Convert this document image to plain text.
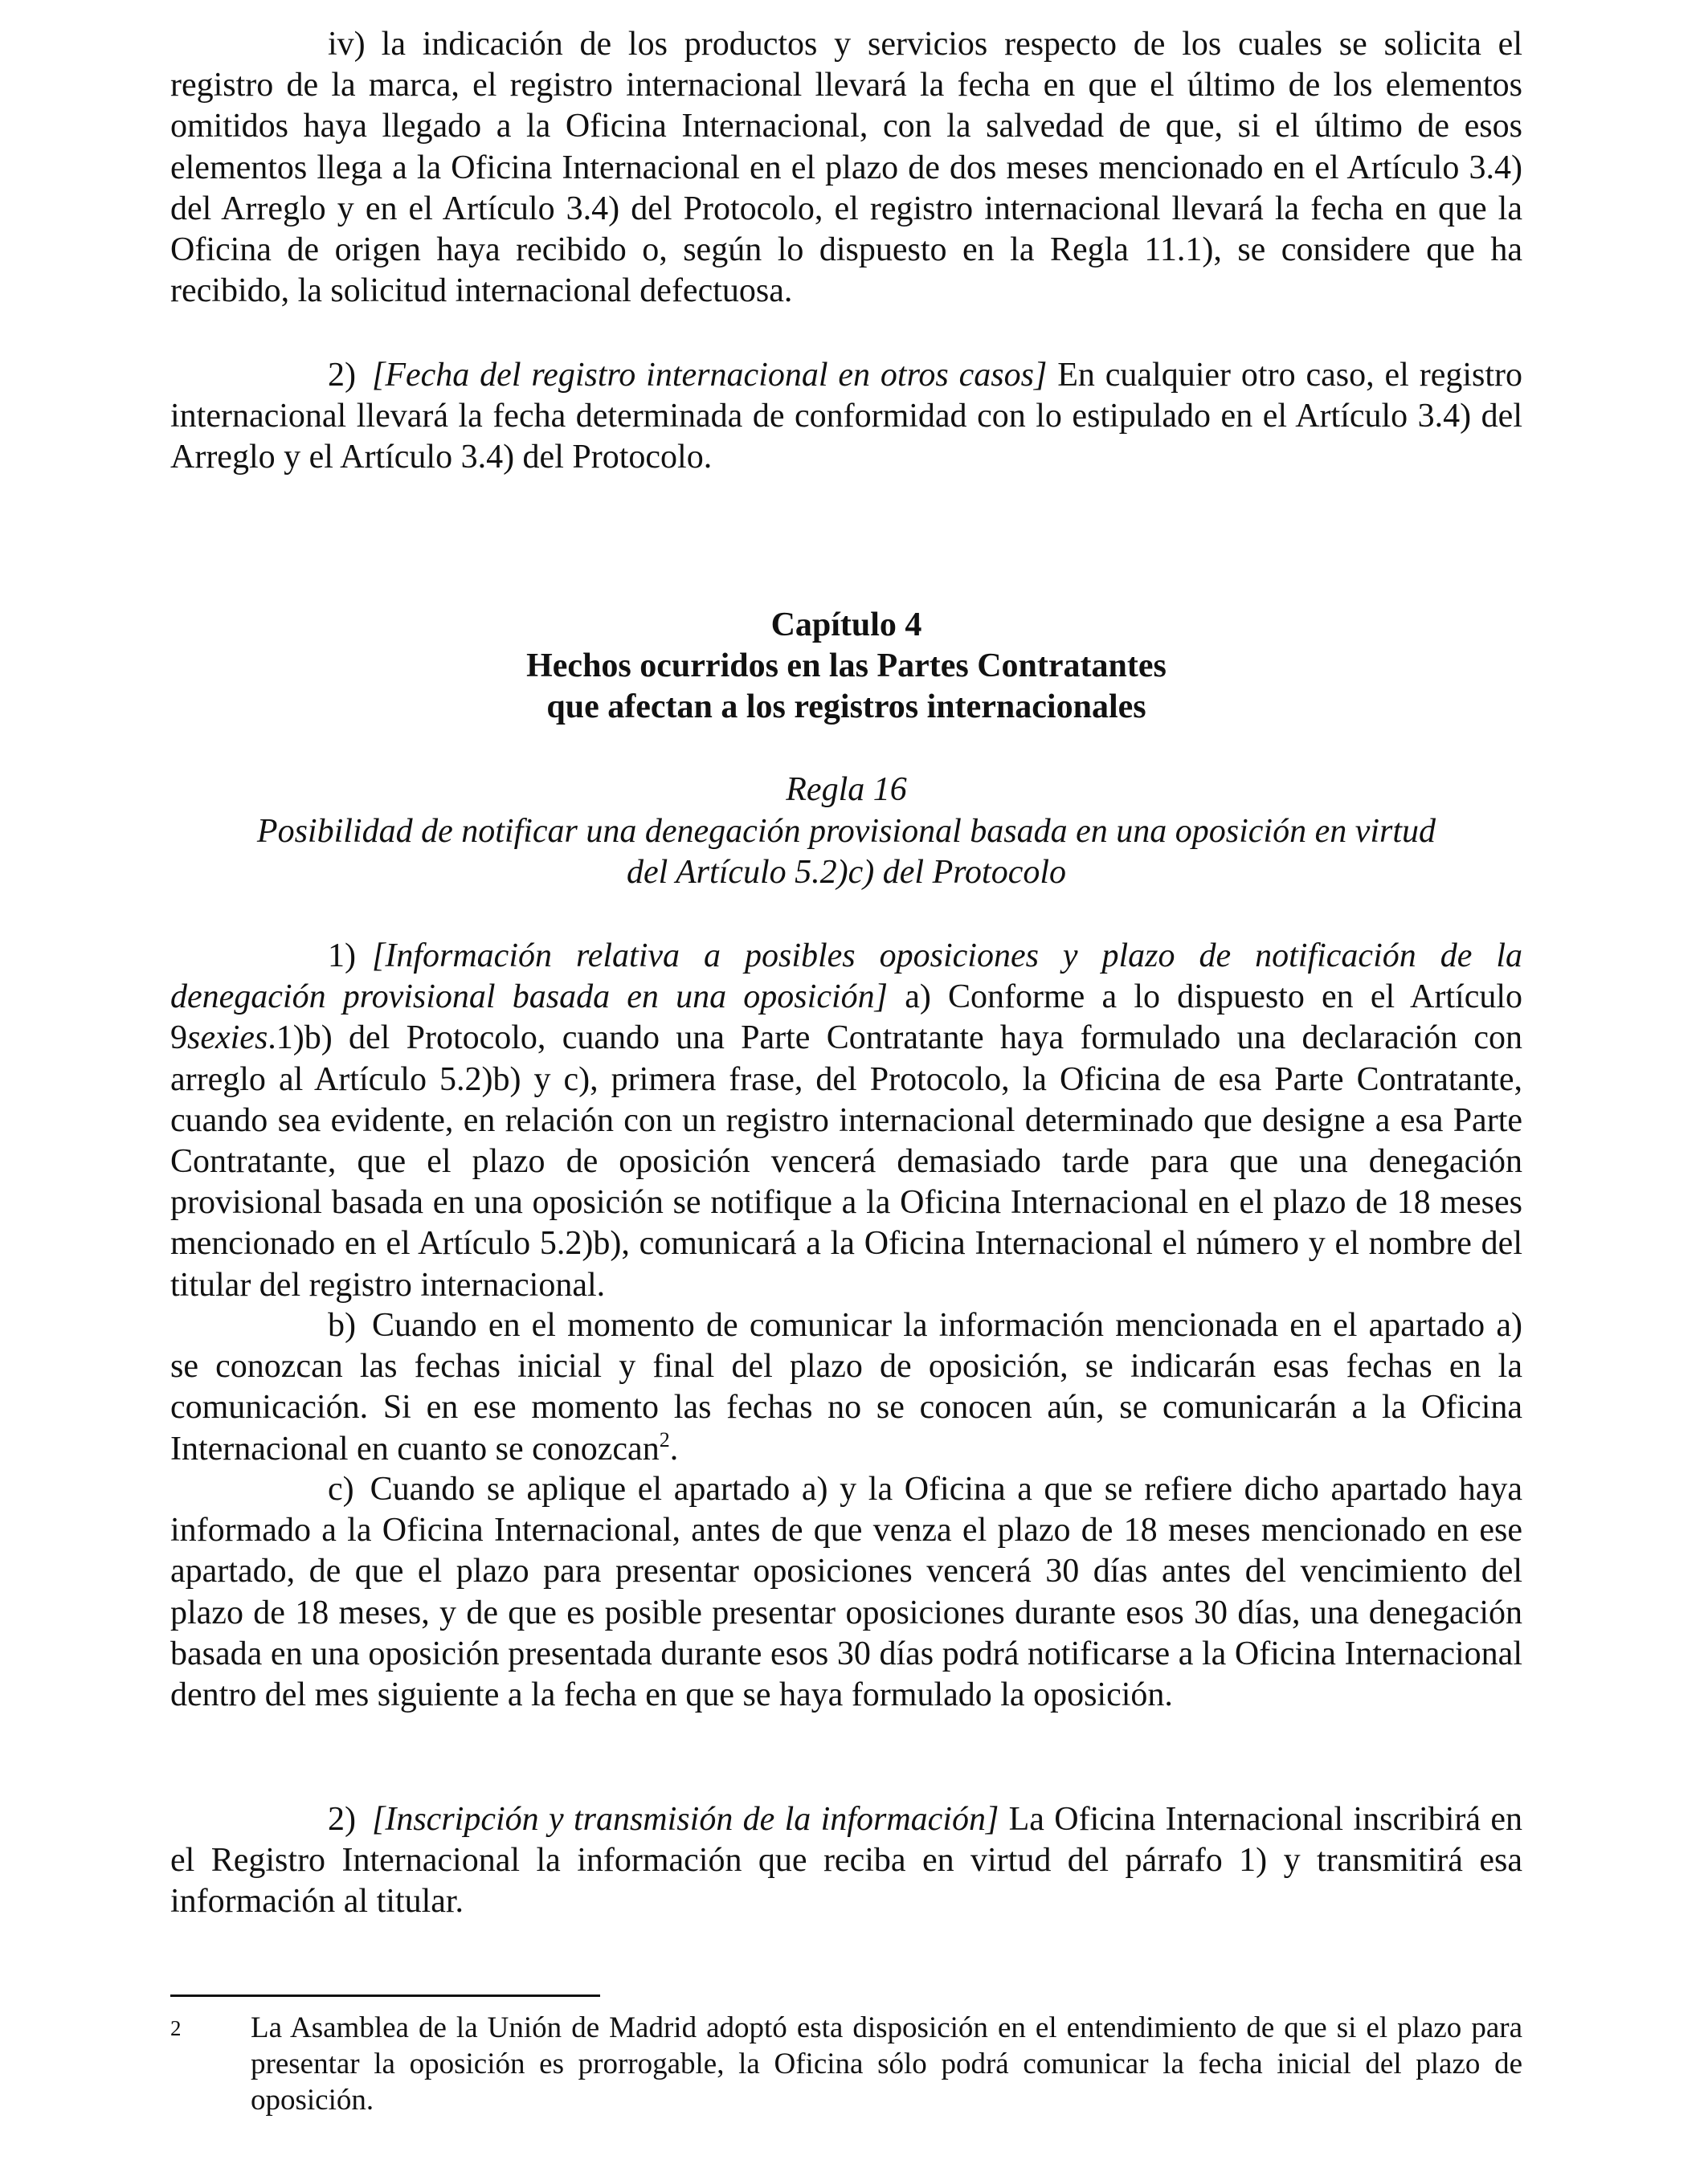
iv) la indicación de los productos y servicios respecto de los cuales se solicita el registro de la marca, el registro internacional llevará la fecha en que el último de los elementos omitidos haya llegado a la Oficina Internacional, con la salvedad de que, si el último de esos elementos llega a la Oficina Internacional en el plazo de dos meses mencionado en el Artículo 3.4) del Arreglo y en el Artículo 3.4) del Protocolo, el registro internacional llevará la fecha en que la Oficina de origen haya recibido o, según lo dispuesto en la Regla 11.1), se considere que ha recibido, la solicitud internacional defectuosa.

2) [Fecha del registro internacional en otros casos] En cualquier otro caso, el registro internacional llevará la fecha determinada de conformidad con lo estipulado en el Artículo 3.4) del Arreglo y el Artículo 3.4) del Protocolo.

Capítulo 4

Hechos ocurridos en las Partes Contratantes

que afectan a los registros internacionales

Regla 16

Posibilidad de notificar una denegación provisional basada en una oposición en virtud

del Artículo 5.2)c) del Protocolo

1) [Información relativa a posibles oposiciones y plazo de notificación de la denegación provisional basada en una oposición] a) Conforme a lo dispuesto en el Artículo 9sexies.1)b) del Protocolo, cuando una Parte Contratante haya formulado una declaración con arreglo al Artículo 5.2)b) y c), primera frase, del Protocolo, la Oficina de esa Parte Contratante, cuando sea evidente, en relación con un registro internacional determinado que designe a esa Parte Contratante, que el plazo de oposición vencerá demasiado tarde para que una denegación provisional basada en una oposición se notifique a la Oficina Internacional en el plazo de 18 meses mencionado en el Artículo 5.2)b), comunicará a la Oficina Internacional el número y el nombre del titular del registro internacional.

b) Cuando en el momento de comunicar la información mencionada en el apartado a) se conozcan las fechas inicial y final del plazo de oposición, se indicarán esas fechas en la comunicación. Si en ese momento las fechas no se conocen aún, se comunicarán a la Oficina Internacional en cuanto se conozcan$^2$.

c) Cuando se aplique el apartado a) y la Oficina a que se refiere dicho apartado haya informado a la Oficina Internacional, antes de que venza el plazo de 18 meses mencionado en ese apartado, de que el plazo para presentar oposiciones vencerá 30 días antes del vencimiento del plazo de 18 meses, y de que es posible presentar oposiciones durante esos 30 días, una denegación basada en una oposición presentada durante esos 30 días podrá notificarse a la Oficina Internacional dentro del mes siguiente a la fecha en que se haya formulado la oposición.

2) [Inscripción y transmisión de la información] La Oficina Internacional inscribirá en el Registro Internacional la información que reciba en virtud del párrafo 1) y transmitirá esa información al titular.

2 La Asamblea de la Unión de Madrid adoptó esta disposición en el entendimiento de que si el plazo para presentar la oposición es prorrogable, la Oficina sólo podrá comunicar la fecha inicial del plazo de oposición.
